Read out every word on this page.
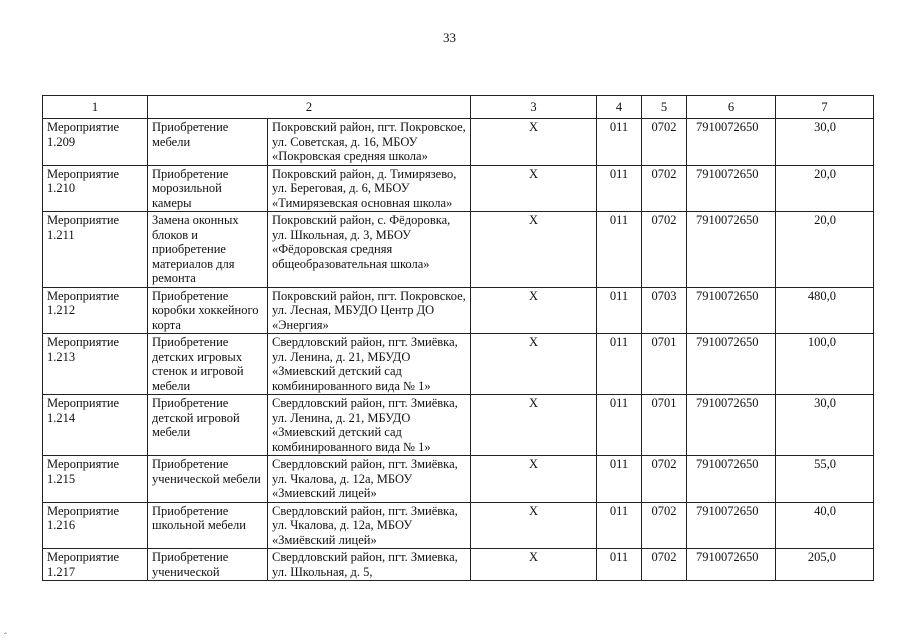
33
1	2		3	4	5	6	7
Мероприятие 1.209	Приобретение мебели	Покровский район, пгт. Покровское, ул. Советская, д. 16, МБОУ «Покровская средняя школа»	Х	011	0702	7910072650	30,0
Мероприятие 1.210	Приобретение морозильной камеры	Покровский район, д. Тимирязево, ул. Береговая, д. 6, МБОУ «Тимирязевская основная школа»	Х	011	0702	7910072650	20,0
Мероприятие 1.211	Замена оконных блоков и приобретение материалов для ремонта	Покровский район, с. Фёдоровка, ул. Школьная, д. 3, МБОУ «Фёдоровская средняя общеобразовательная школа»	Х	011	0702	7910072650	20,0
Мероприятие 1.212	Приобретение коробки хоккейного корта	Покровский район, пгт. Покровское, ул. Лесная, МБУДО Центр ДО «Энергия»	Х	011	0703	7910072650	480,0
Мероприятие 1.213	Приобретение детских игровых стенок и игровой мебели	Свердловский район, пгт. Змиёвка, ул. Ленина, д. 21, МБУДО «Змиевский детский сад комбинированного вида № 1»	Х	011	0701	7910072650	100,0
Мероприятие 1.214	Приобретение детской игровой мебели	Свердловский район, пгт. Змиёвка, ул. Ленина, д. 21, МБУДО «Змиевский детский сад комбинированного вида № 1»	Х	011	0701	7910072650	30,0
Мероприятие 1.215	Приобретение ученической мебели	Свердловский район, пгт. Змиёвка, ул. Чкалова, д. 12а, МБОУ «Змиевский лицей»	Х	011	0702	7910072650	55,0
Мероприятие 1.216	Приобретение школьной мебели	Свердловский район, пгт. Змиёвка, ул. Чкалова, д. 12а, МБОУ «Змиёвский лицей»	Х	011	0702	7910072650	40,0
Мероприятие 1.217	Приобретение ученической	Свердловский район, пгт. Змиевка, ул. Школьная, д. 5,	Х	011	0702	7910072650	205,0
‸
